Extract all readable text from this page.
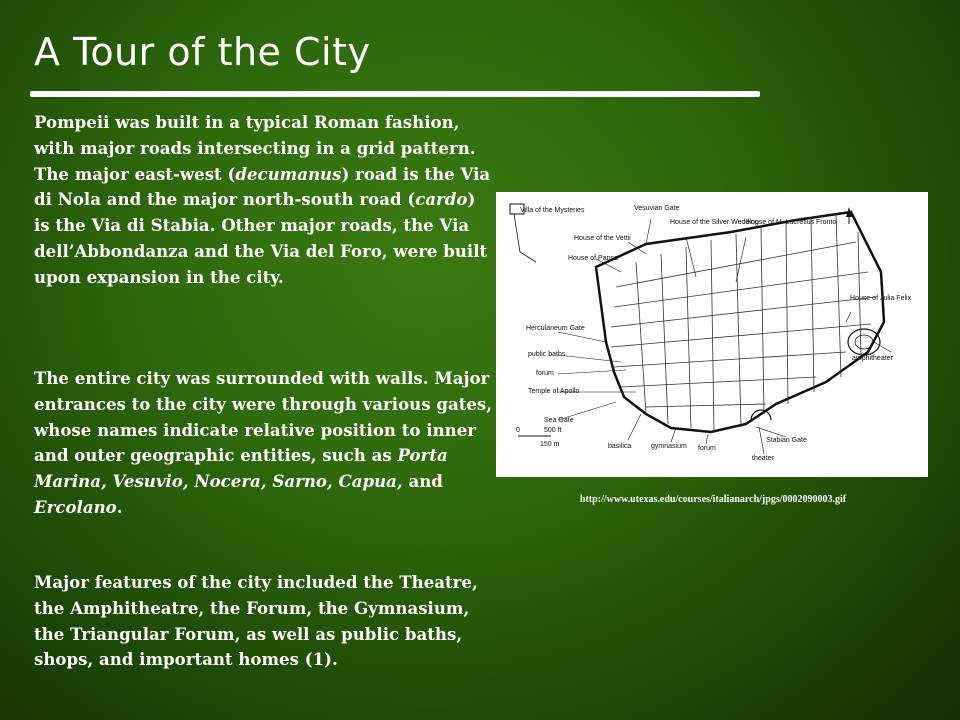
A Tour of the City
Pompeii was built in a typical Roman fashion, with major roads intersecting in a grid pattern. The major east-west (decumanus) road is the Via di Nola and the major north-south road (cardo) is the Via di Stabia. Other major roads, the Via dell’Abbondanza and the Via del Foro, were built upon expansion in the city.
The entire city was surrounded with walls. Major entrances to the city were through various gates, whose names indicate relative position to inner and outer geographic entities, such as Porta Marina, Vesuvio, Nocera, Sarno, Capua, and Ercolano.
Major features of the city included the Theatre, the Amphitheatre, the Forum, the Gymnasium, the Triangular Forum, as well as public baths, shops, and important homes (1).
Villa of the Mysteries	Vesuvian Gate
House of the Vettii
House of the Silver Wedding
House of M. Lucretius Fronto
House of Pansa
House of Julia Felix
Herculaneum Gate
public baths
forum
Temple of Apollo
Sea Gate
basilica	gymnasium forum
Stabian Gate
theater
amphitheater
0	500 ft
150 m
http://www.utexas.edu/courses/italianarch/jpgs/0002090003.gif
